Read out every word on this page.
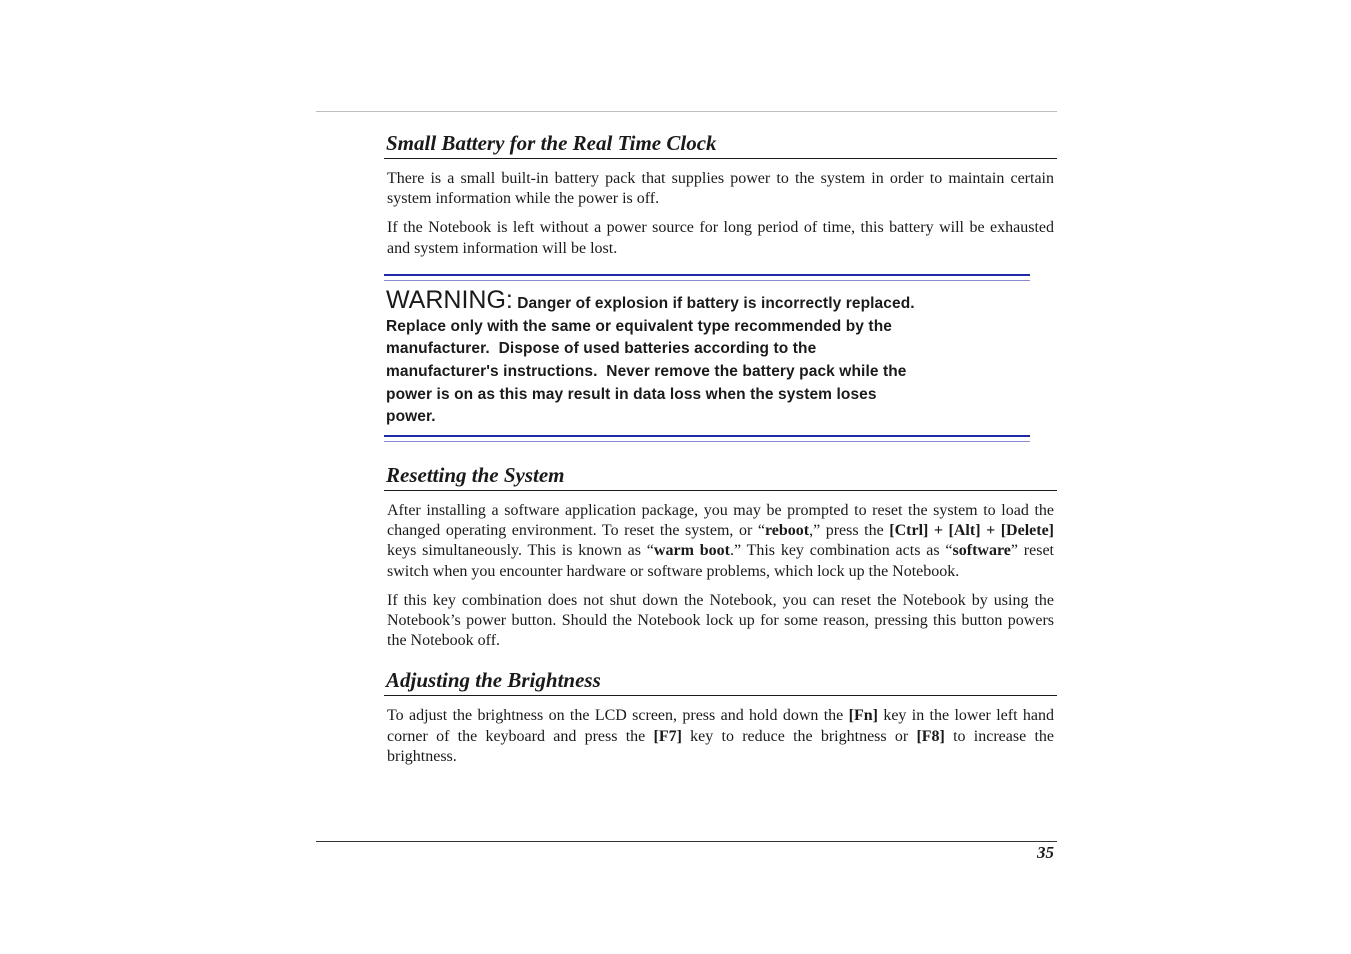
Small Battery for the Real Time Clock

There is a small built-in battery pack that supplies power to the system in order to maintain certain system information while the power is off.

If the Notebook is left without a power source for long period of time, this battery will be exhausted and system information will be lost.

WARNING: Danger of explosion if battery is incorrectly replaced.
Replace only with the same or equivalent type recommended by the
manufacturer.  Dispose of used batteries according to the
manufacturer's instructions.  Never remove the battery pack while the
power is on as this may result in data loss when the system loses
power.
Resetting the System

After installing a software application package, you may be prompted to reset the system to load the changed operating environment. To reset the system, or “reboot,” press the [Ctrl] + [Alt] + [Delete] keys simultaneously. This is known as “warm boot.” This key combination acts as “software” reset switch when you encounter hardware or software problems, which lock up the Notebook.

If this key combination does not shut down the Notebook, you can reset the Notebook by using the Notebook’s power button. Should the Notebook lock up for some reason, pressing this button powers the Notebook off.

Adjusting the Brightness

To adjust the brightness on the LCD screen, press and hold down the [Fn] key in the lower left hand corner of the keyboard and press the [F7] key to reduce the brightness or [F8] to increase the brightness.

35
